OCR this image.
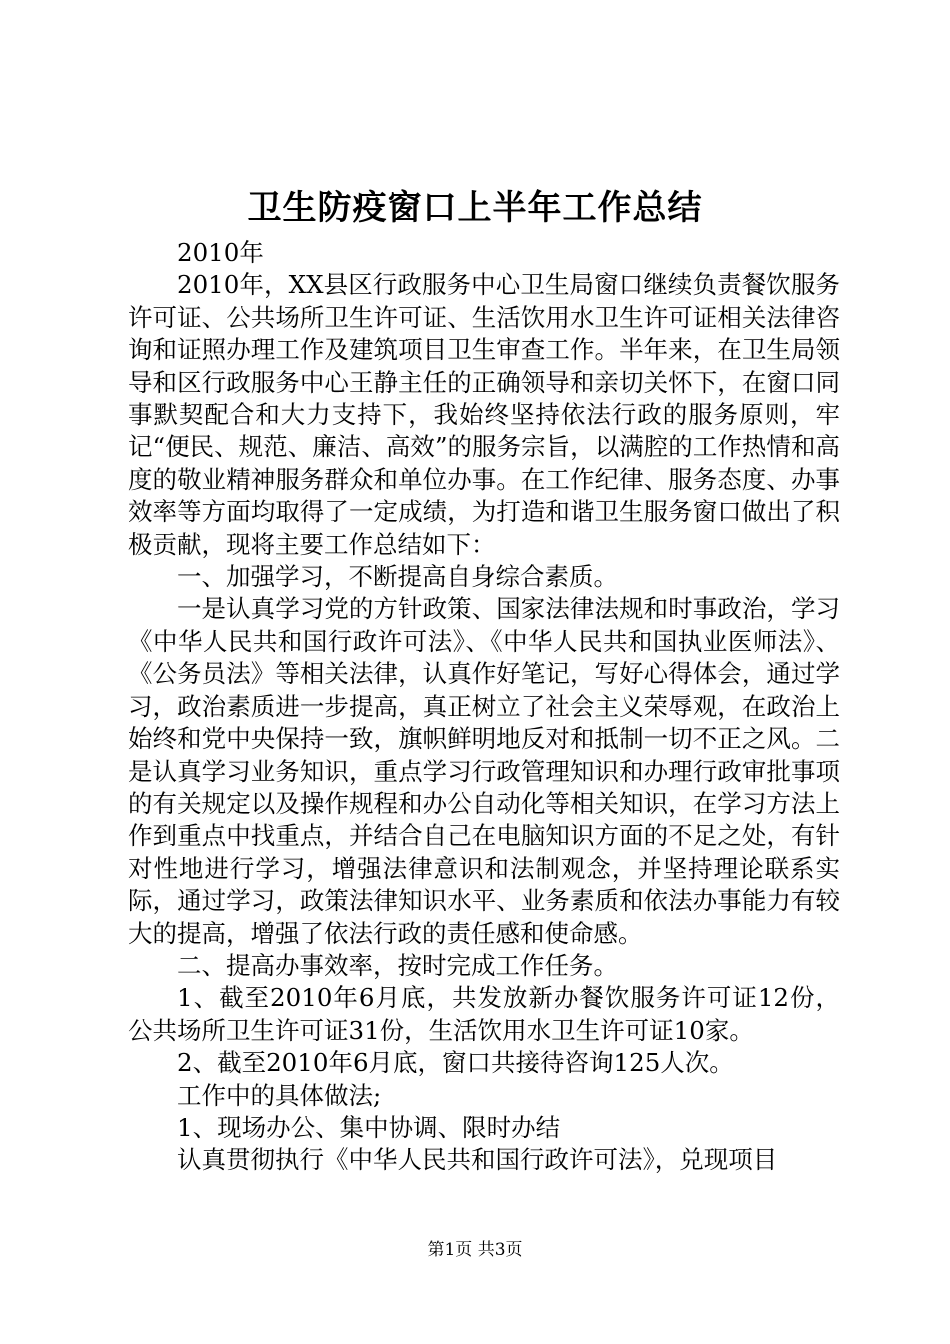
卫生防疫窗口上半年工作总结

2010年

2010年，XX县区行政服务中心卫生局窗口继续负责餐饮服务许可证、公共场所卫生许可证、生活饮用水卫生许可证相关法律咨询和证照办理工作及建筑项目卫生审查工作。半年来，在卫生局领导和区行政服务中心王静主任的正确领导和亲切关怀下，在窗口同事默契配合和大力支持下，我始终坚持依法行政的服务原则，牢记“便民、规范、廉洁、高效”的服务宗旨，以满腔的工作热情和高度的敬业精神服务群众和单位办事。在工作纪律、服务态度、办事效率等方面均取得了一定成绩，为打造和谐卫生服务窗口做出了积极贡献，现将主要工作总结如下：

一、加强学习，不断提高自身综合素质。

一是认真学习党的方针政策、国家法律法规和时事政治，学习《中华人民共和国行政许可法》、《中华人民共和国执业医师法》、《公务员法》等相关法律，认真作好笔记，写好心得体会，通过学习，政治素质进一步提高，真正树立了社会主义荣辱观，在政治上始终和党中央保持一致，旗帜鲜明地反对和抵制一切不正之风。二是认真学习业务知识，重点学习行政管理知识和办理行政审批事项的有关规定以及操作规程和办公自动化等相关知识，在学习方法上作到重点中找重点，并结合自己在电脑知识方面的不足之处，有针对性地进行学习，增强法律意识和法制观念，并坚持理论联系实际，通过学习，政策法律知识水平、业务素质和依法办事能力有较大的提高，增强了依法行政的责任感和使命感。

二、提高办事效率，按时完成工作任务。

1、截至2010年6月底，共发放新办餐饮服务许可证12份，公共场所卫生许可证31份，生活饮用水卫生许可证10家。

2、截至2010年6月底，窗口共接待咨询125人次。

工作中的具体做法;

1、现场办公、集中协调、限时办结

认真贯彻执行《中华人民共和国行政许可法》，兑现项目

第1页 共3页
